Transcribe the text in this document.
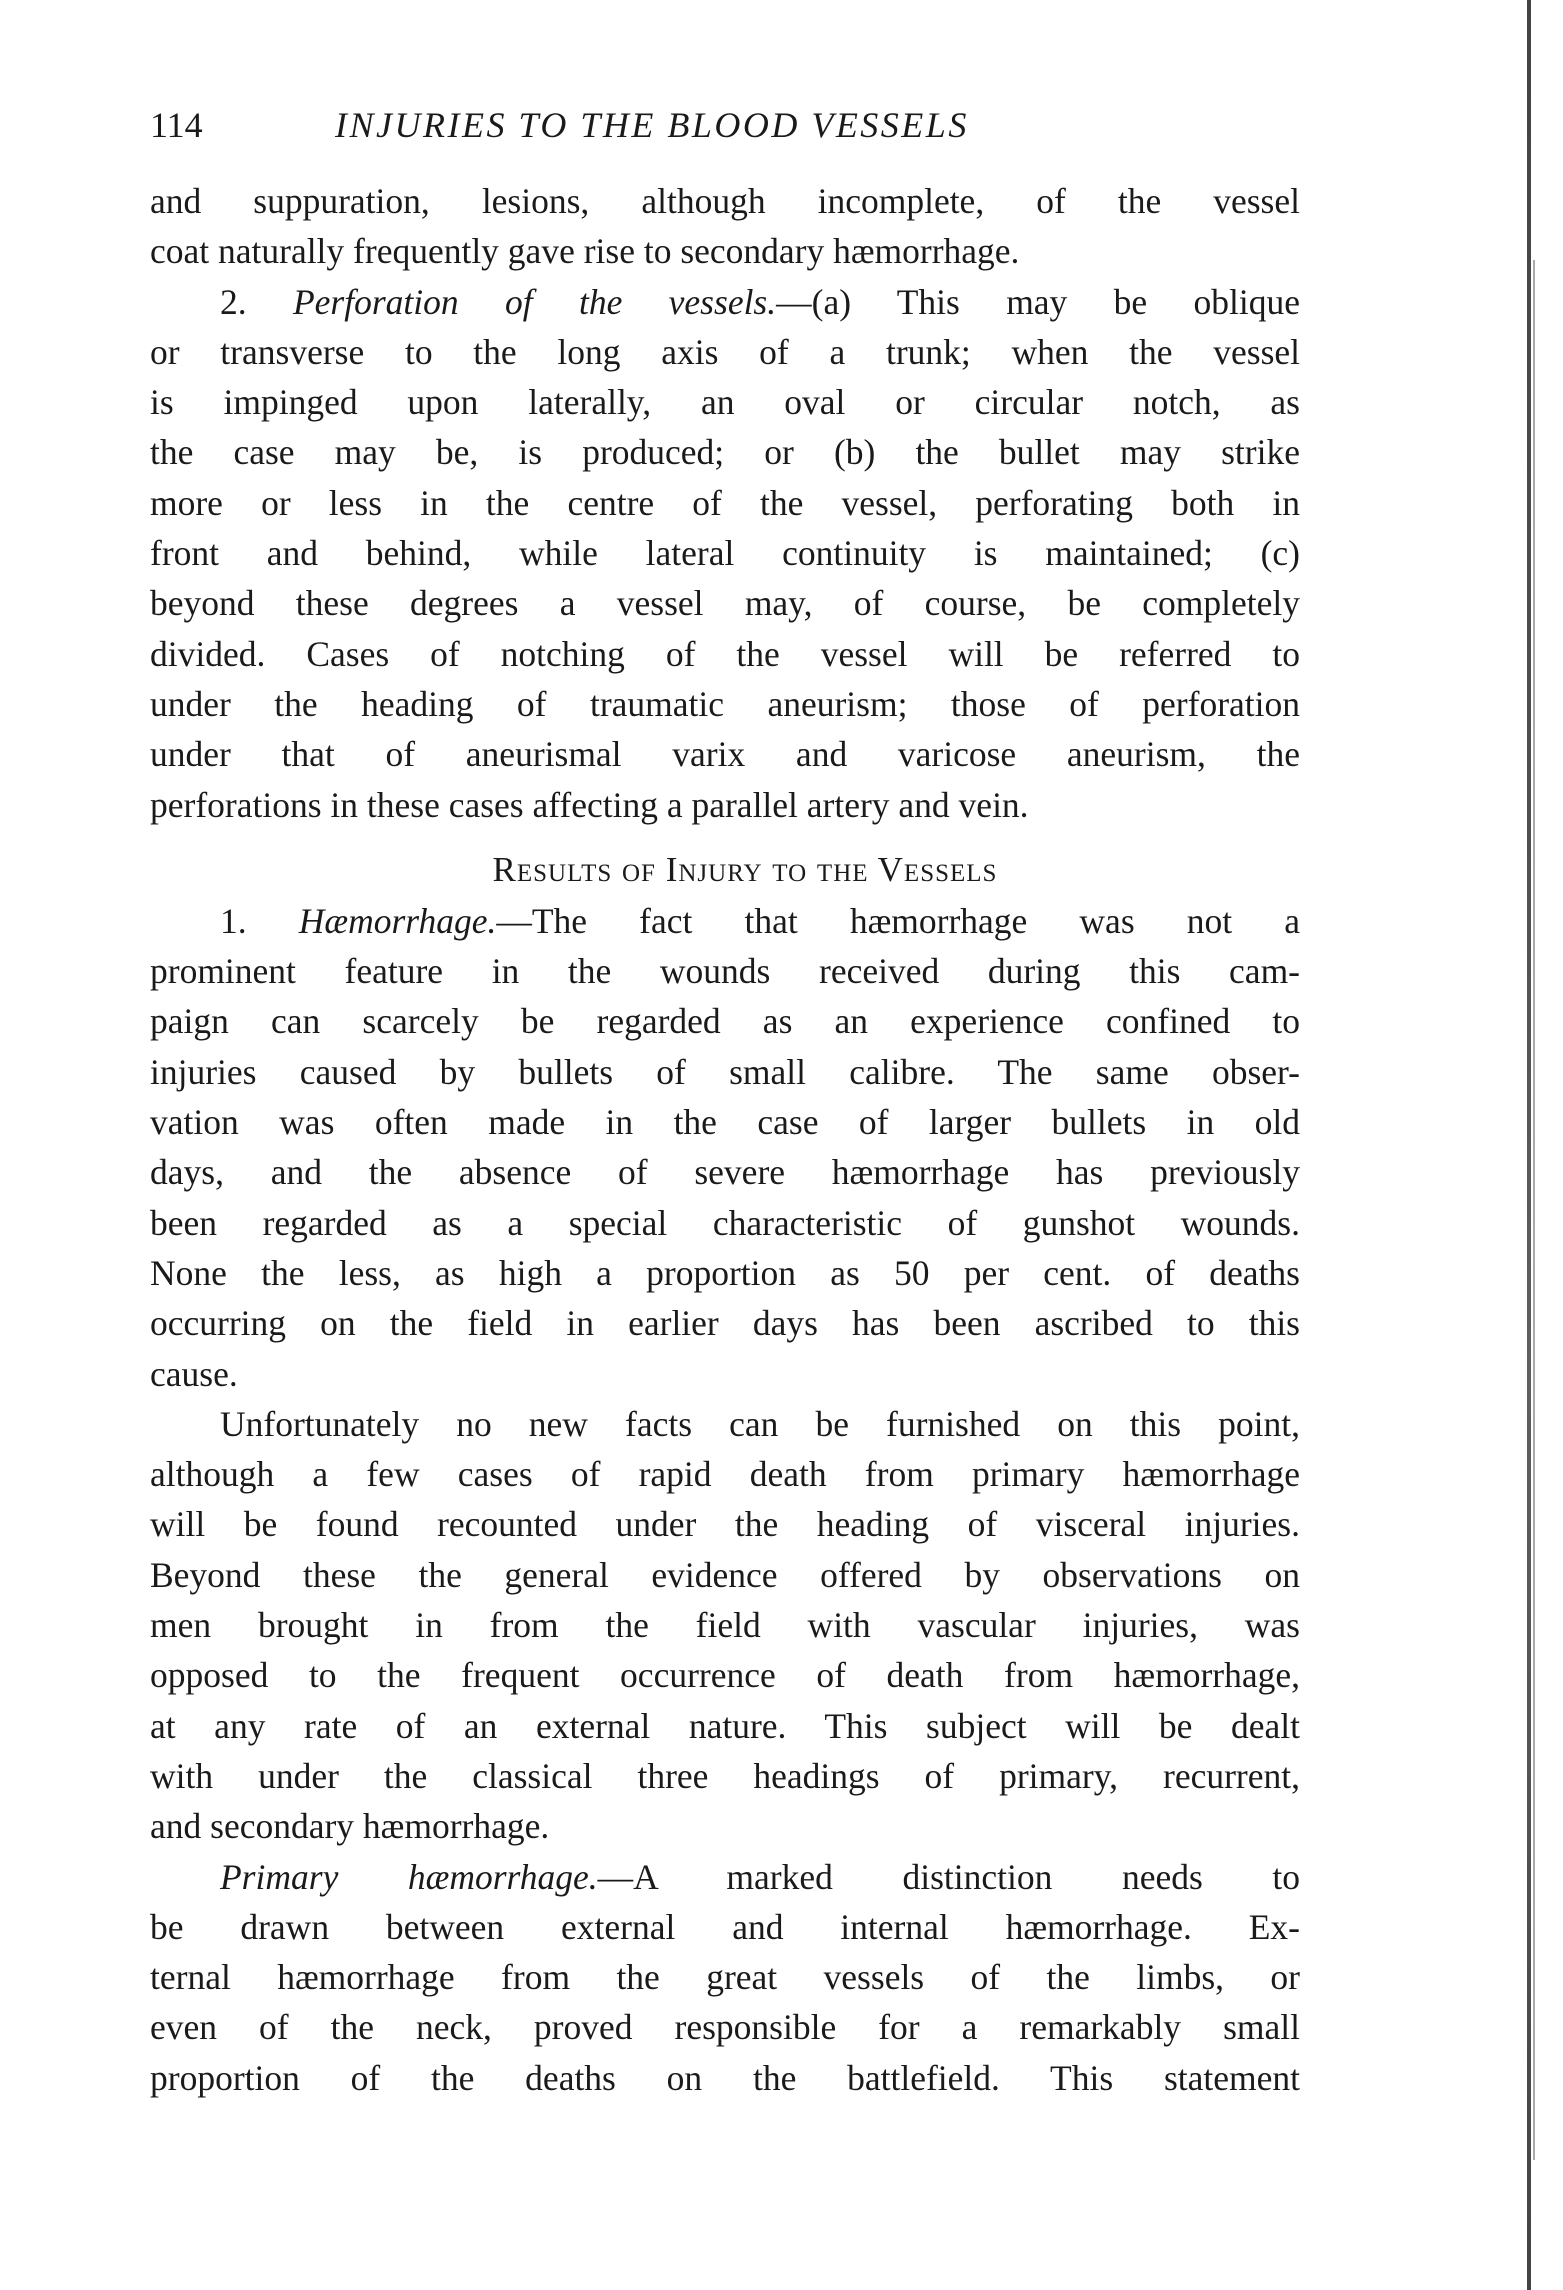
114	INJURIES TO THE BLOOD VESSELS
and suppuration, lesions, although incomplete, of the vessel
coat naturally frequently gave rise to secondary hæmorrhage.
2. Perforation of the vessels.—(a) This may be oblique
or transverse to the long axis of a trunk; when the vessel
is impinged upon laterally, an oval or circular notch, as
the case may be, is produced; or (b) the bullet may strike
more or less in the centre of the vessel, perforating both in
front and behind, while lateral continuity is maintained; (c)
beyond these degrees a vessel may, of course, be completely
divided. Cases of notching of the vessel will be referred to
under the heading of traumatic aneurism; those of perforation
under that of aneurismal varix and varicose aneurism, the
perforations in these cases affecting a parallel artery and vein.
Results of Injury to the Vessels
1. Hæmorrhage.—The fact that hæmorrhage was not a
prominent feature in the wounds received during this cam-
paign can scarcely be regarded as an experience confined to
injuries caused by bullets of small calibre. The same obser-
vation was often made in the case of larger bullets in old
days, and the absence of severe hæmorrhage has previously
been regarded as a special characteristic of gunshot wounds.
None the less, as high a proportion as 50 per cent. of deaths
occurring on the field in earlier days has been ascribed to this
cause.
Unfortunately no new facts can be furnished on this point,
although a few cases of rapid death from primary hæmorrhage
will be found recounted under the heading of visceral injuries.
Beyond these the general evidence offered by observations on
men brought in from the field with vascular injuries, was
opposed to the frequent occurrence of death from hæmorrhage,
at any rate of an external nature. This subject will be dealt
with under the classical three headings of primary, recurrent,
and secondary hæmorrhage.
Primary hæmorrhage.—A marked distinction needs to
be drawn between external and internal hæmorrhage. Ex-
ternal hæmorrhage from the great vessels of the limbs, or
even of the neck, proved responsible for a remarkably small
proportion of the deaths on the battlefield. This statement
